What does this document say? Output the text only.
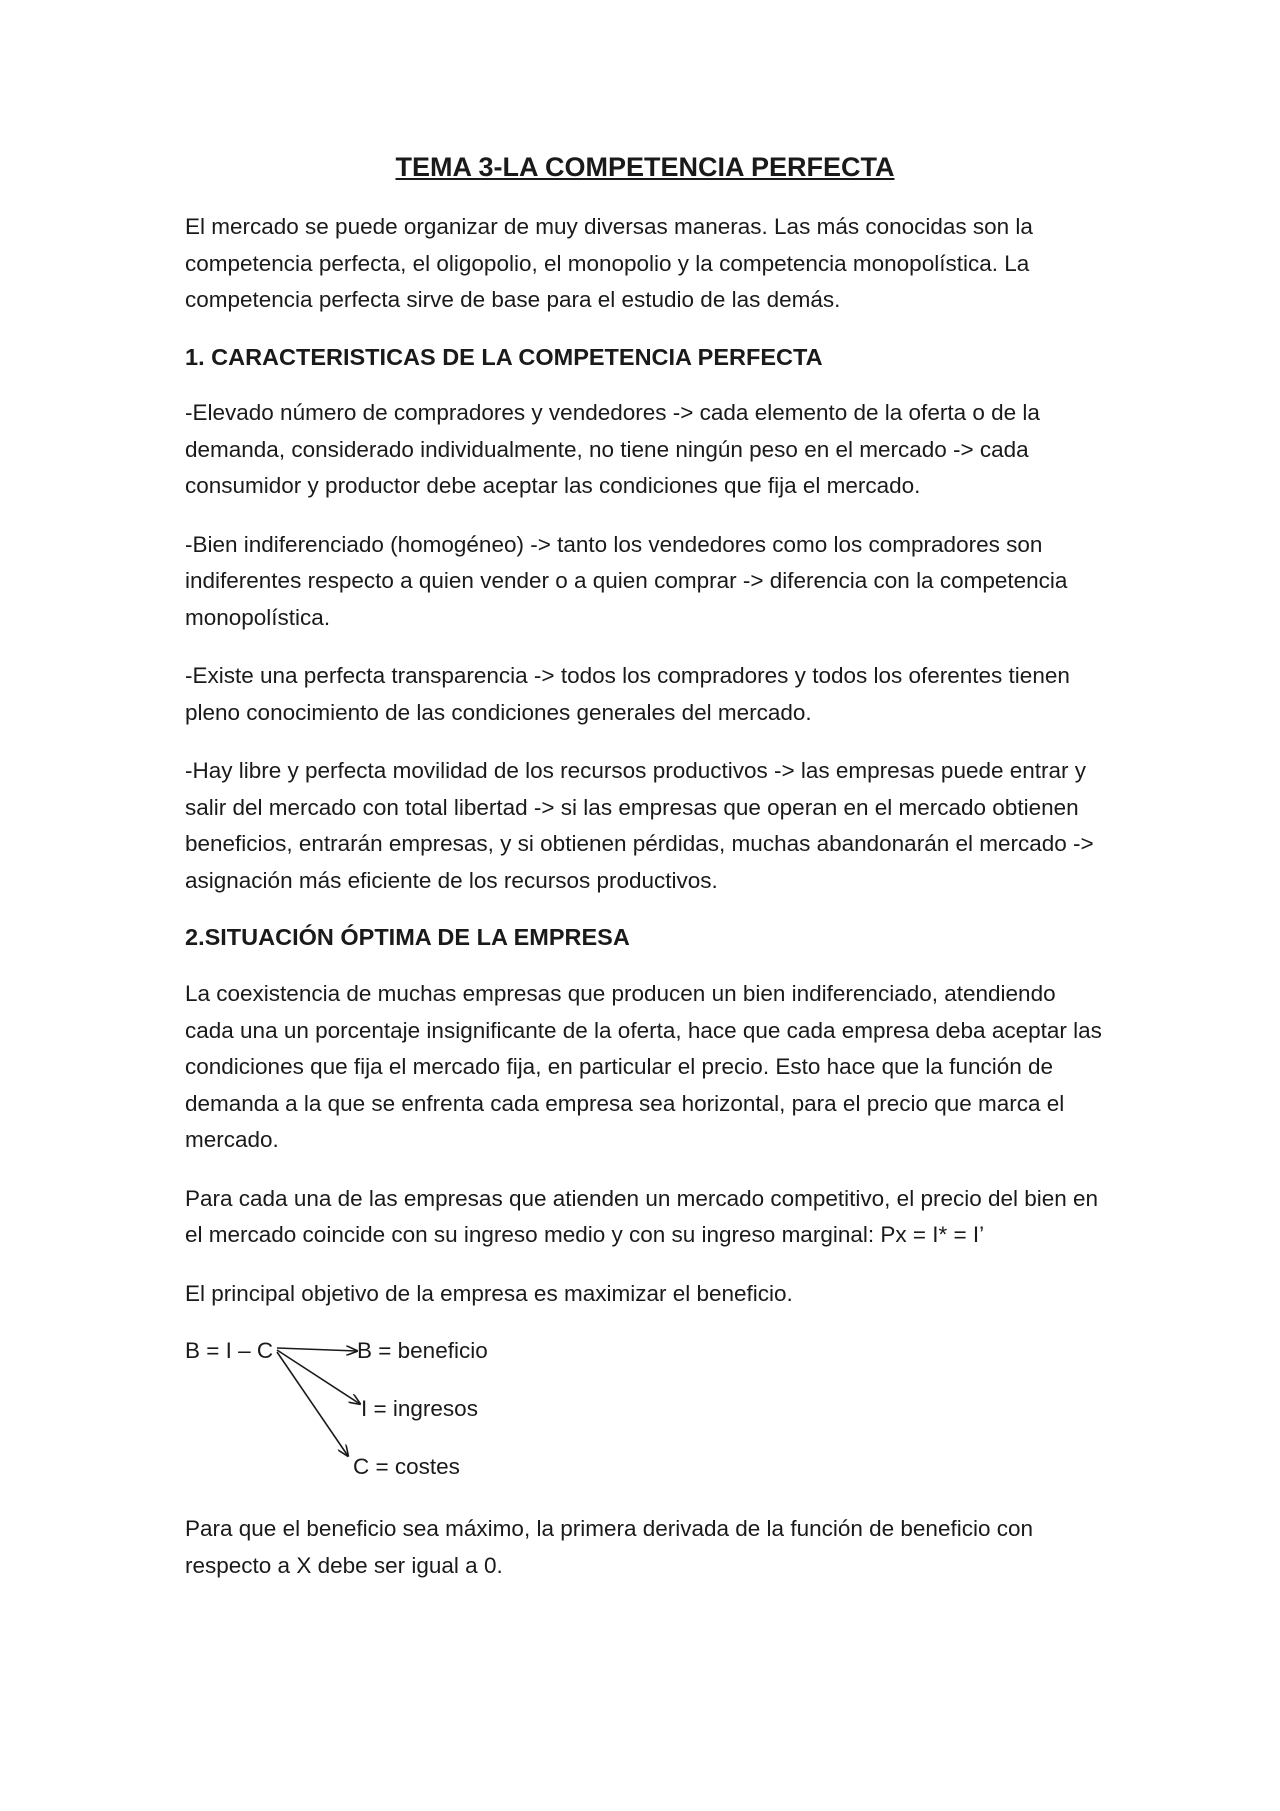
TEMA 3-LA COMPETENCIA PERFECTA

El mercado se puede organizar de muy diversas maneras. Las más conocidas son la competencia perfecta, el oligopolio, el monopolio y la competencia monopolística. La competencia perfecta sirve de base para el estudio de las demás.

1. CARACTERISTICAS DE LA COMPETENCIA PERFECTA

-Elevado número de compradores y vendedores -> cada elemento de la oferta o de la demanda, considerado individualmente, no tiene ningún peso en el mercado -> cada consumidor y productor debe aceptar las condiciones que fija el mercado.

-Bien indiferenciado (homogéneo) -> tanto los vendedores como los compradores son indiferentes respecto a quien vender o a quien comprar -> diferencia con la competencia monopolística.

-Existe una perfecta transparencia -> todos los compradores y todos los oferentes tienen pleno conocimiento de las condiciones generales del mercado.

-Hay libre y perfecta movilidad de los recursos productivos -> las empresas puede entrar y salir del mercado con total libertad -> si las empresas que operan en el mercado obtienen beneficios, entrarán empresas, y si obtienen pérdidas, muchas abandonarán el mercado -> asignación más eficiente de los recursos productivos.

2.SITUACIÓN ÓPTIMA DE LA EMPRESA

La coexistencia de muchas empresas que producen un bien indiferenciado, atendiendo cada una un porcentaje insignificante de la oferta, hace que cada empresa deba aceptar las condiciones que fija el mercado fija, en particular el precio. Esto hace que la función de demanda a la que se enfrenta cada empresa sea horizontal, para el precio que marca el mercado.

Para cada una de las empresas que atienden un mercado competitivo, el precio del bien en el mercado coincide con su ingreso medio y con su ingreso marginal: Px = I* = I’

El principal objetivo de la empresa es maximizar el beneficio.

B = I – C	B = beneficio
I = ingresos
C = costes

Para que el beneficio sea máximo, la primera derivada de la función de beneficio con respecto a X debe ser igual a 0.
